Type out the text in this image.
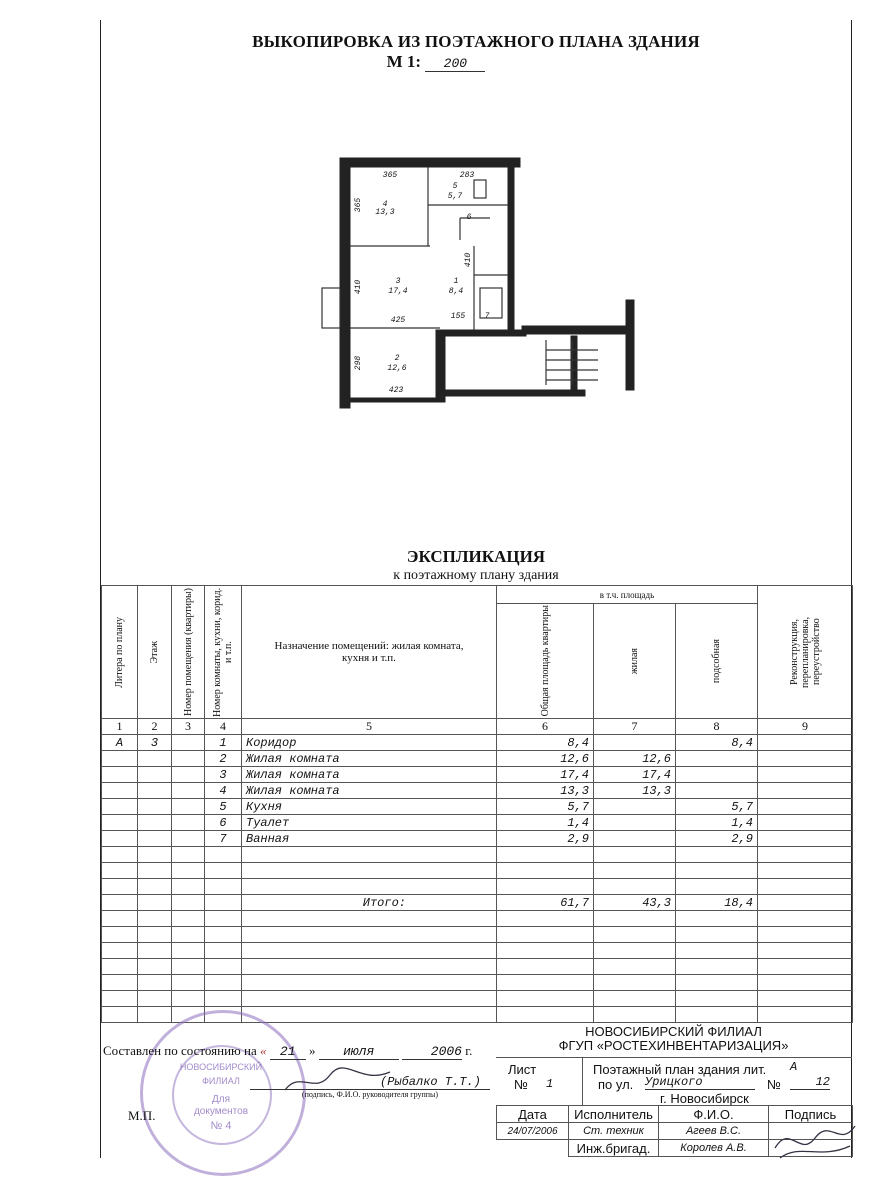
ВЫКОПИРОВКА ИЗ ПОЭТАЖНОГО ПЛАНА ЗДАНИЯ
М 1: 200
4
13,3
5
5,7
6
3
17,4
1
8,4
7
2
12,6
365	283
425	155
423
365
410
410
298
ЭКСПЛИКАЦИЯ
к поэтажному плану здания
Литера по плану	Этаж	Номер помещения (квартиры)	Номер комнаты, кухни, корид. и т.п.	Назначение помещений: жилая комната, кухня и т.п.	в т.ч. площадь			Реконструкция, перепланировка, переустройство

					Общая площадь квартиры	жилая	подсобная	

1	2	3	4	5	6	7	8	9
А	3		1	Коридор	8,4		8,4	
			2	Жилая комната	12,6	12,6		
			3	Жилая комната	17,4	17,4		
			4	Жилая комната	13,3	13,3		
			5	Кухня	5,7		5,7	
			6	Туалет	1,4		1,4	
			7	Ванная	2,9		2,9	

				Итого:	61,7	43,3	18,4	

НОВОСИБИРСКИЙ
ФИЛИАЛ
Для
документов
№ 4
Составлен по состоянию на « 21 » июля	2006 г.
(Рыбалко Т.Т.)
(подпись, Ф.И.О. руководителя группы)
М.П.
НОВОСИБИРСКИЙ ФИЛИАЛ
ФГУП «РОСТЕХИНВЕНТАРИЗАЦИЯ»
Лист
№ 1
Поэтажный план здания лит. А
по ул. Урицкого	№	12
г. Новосибирск
Дата	Исполнитель	Ф.И.О.	Подпись
24/07/2006	Ст. техник	Агеев В.С.	
	Инж.бригад.	Королев А.В.	
